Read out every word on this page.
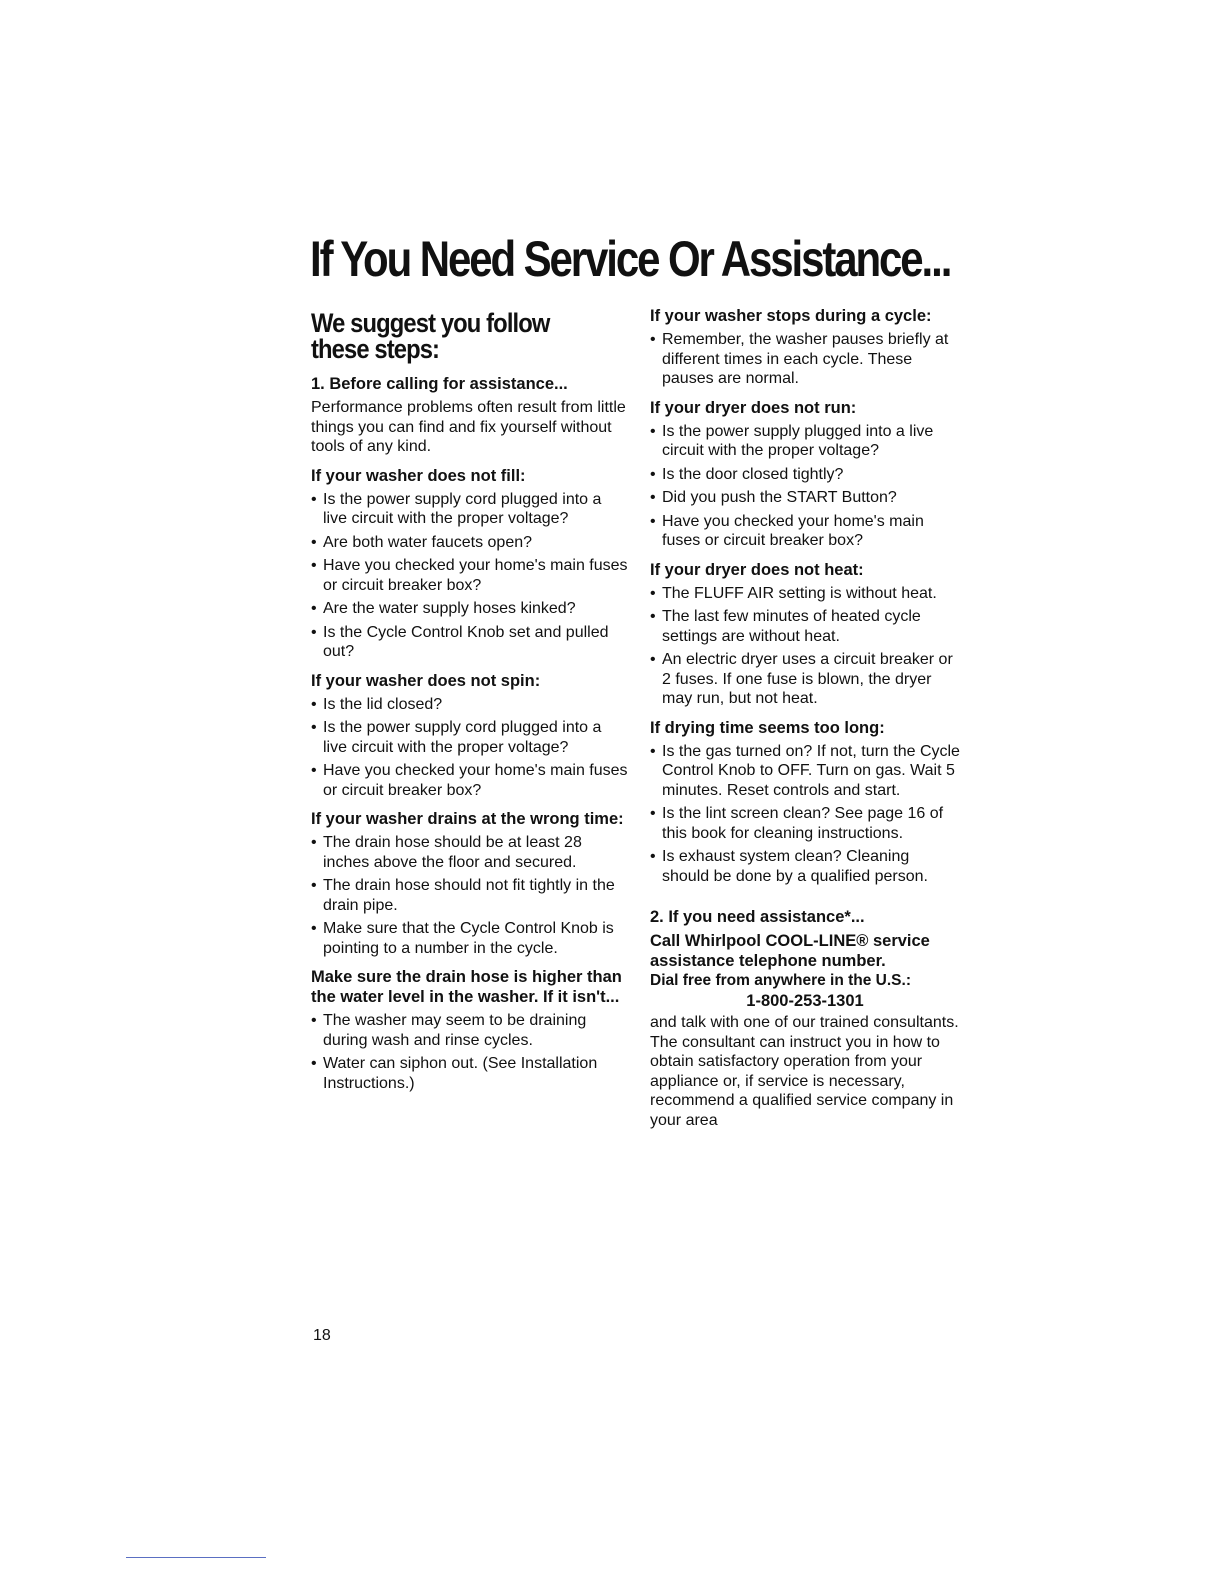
If You Need Service Or Assistance...
We suggest you follow these steps:
1. Before calling for assistance...
Performance problems often result from little things you can find and fix yourself without tools of any kind.
If your washer does not fill:
• Is the power supply cord plugged into a live circuit with the proper voltage?
• Are both water faucets open?
• Have you checked your home's main fuses or circuit breaker box?
• Are the water supply hoses kinked?
• Is the Cycle Control Knob set and pulled out?
If your washer does not spin:
• Is the lid closed?
• Is the power supply cord plugged into a live circuit with the proper voltage?
• Have you checked your home's main fuses or circuit breaker box?
If your washer drains at the wrong time:
• The drain hose should be at least 28 inches above the floor and secured.
• The drain hose should not fit tightly in the drain pipe.
• Make sure that the Cycle Control Knob is pointing to a number in the cycle.
Make sure the drain hose is higher than the water level in the washer. If it isn't...
• The washer may seem to be draining during wash and rinse cycles.
• Water can siphon out. (See Installation Instructions.)
If your washer stops during a cycle:
• Remember, the washer pauses briefly at different times in each cycle. These pauses are normal.
If your dryer does not run:
• Is the power supply plugged into a live circuit with the proper voltage?
• Is the door closed tightly?
• Did you push the START Button?
• Have you checked your home's main fuses or circuit breaker box?
If your dryer does not heat:
• The FLUFF AIR setting is without heat.
• The last few minutes of heated cycle settings are without heat.
• An electric dryer uses a circuit breaker or 2 fuses. If one fuse is blown, the dryer may run, but not heat.
If drying time seems too long:
• Is the gas turned on? If not, turn the Cycle Control Knob to OFF. Turn on gas. Wait 5 minutes. Reset controls and start.
• Is the lint screen clean? See page 16 of this book for cleaning instructions.
• Is exhaust system clean? Cleaning should be done by a qualified person.
2. If you need assistance*...
Call Whirlpool COOL-LINE® service assistance telephone number.
Dial free from anywhere in the U.S.:
1-800-253-1301
and talk with one of our trained consultants. The consultant can instruct you in how to obtain satisfactory operation from your appliance or, if service is necessary, recommend a qualified service company in your area
18
